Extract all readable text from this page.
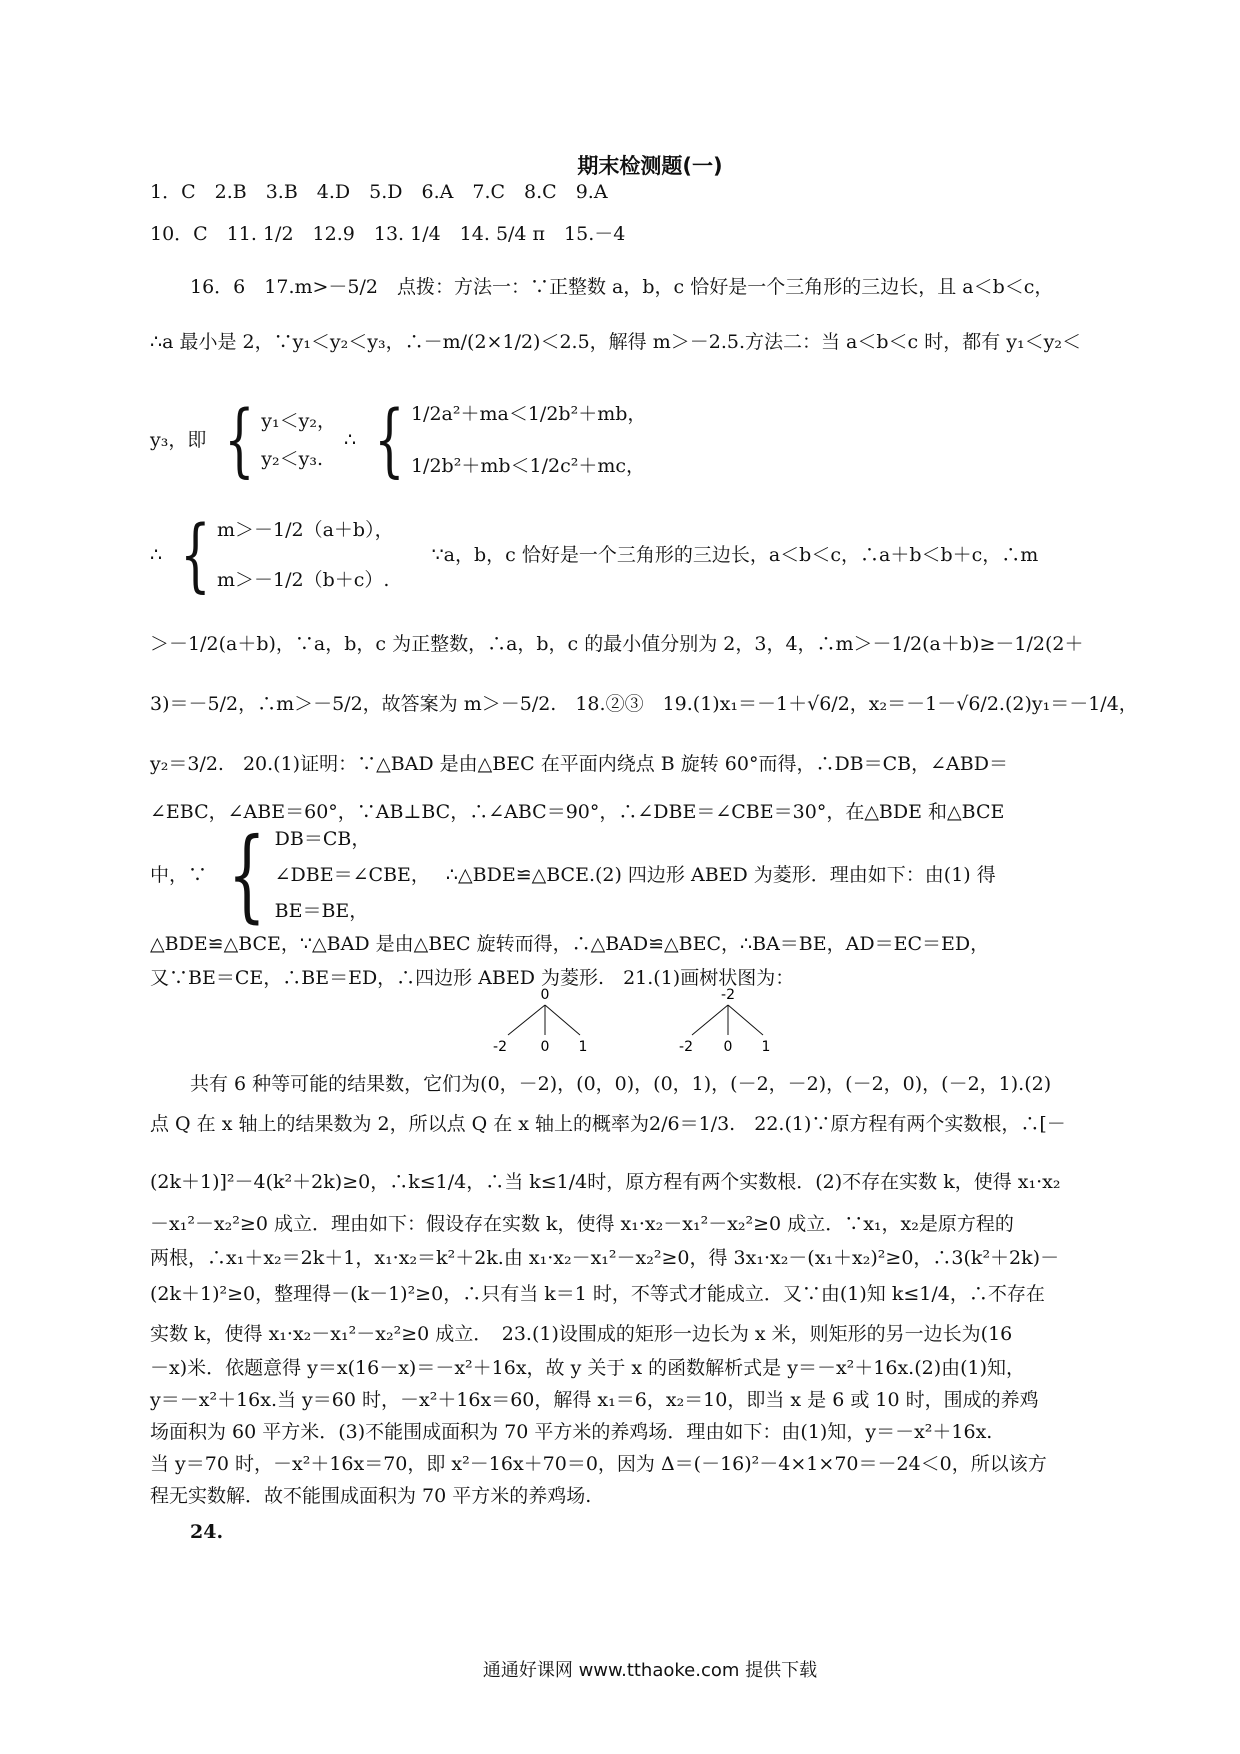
期末检测题(一)
1．C　2.B　3.B　4.D　5.D　6.A　7.C　8.C　9.A
10．C　11. 1/2　12.9　13. 1/4　14. 5/4 π　15.－4
16．6　17.m>－5/2　点拨：方法一：∵正整数 a，b，c 恰好是一个三角形的三边长，且 a＜b＜c，
∴a 最小是 2，∵y₁＜y₂＜y₃，∴－m/(2×1/2)＜2.5，解得 m＞－2.5.方法二：当 a＜b＜c 时，都有 y₁＜y₂＜
y₃，即 { y₁＜y₂，
y₂＜y₃.
∴ { 1/2a²＋ma＜1/2b²＋mb，
1/2b²＋mb＜1/2c²＋mc，
∴ { m＞－1/2（a＋b），
m＞－1/2（b＋c）.
∵a，b，c 恰好是一个三角形的三边长，a＜b＜c，∴a＋b＜b＋c，∴m
＞－1/2(a＋b)，∵a，b，c 为正整数，∴a，b，c 的最小值分别为 2，3，4，∴m＞－1/2(a＋b)≥－1/2(2＋
3)＝－5/2，∴m＞－5/2，故答案为 m＞－5/2.　18.②③　19.(1)x₁＝－1＋√6/2，x₂＝－1－√6/2.(2)y₁＝－1/4，
y₂＝3/2.　20.(1)证明：∵△BAD 是由△BEC 在平面内绕点 B 旋转 60°而得，∴DB＝CB，∠ABD＝
∠EBC，∠ABE＝60°，∵AB⊥BC，∴∠ABC＝90°，∴∠DBE＝∠CBE＝30°，在△BDE 和△BCE
中，∵ { DB＝CB，
∠DBE＝∠CBE，
BE＝BE，
∴△BDE≌△BCE.(2) 四边形 ABED 为菱形．理由如下：由(1) 得
△BDE≌△BCE，∵△BAD 是由△BEC 旋转而得，∴△BAD≌△BEC，∴BA＝BE，AD＝EC＝ED，
又∵BE＝CE，∴BE＝ED，∴四边形 ABED 为菱形.　21.(1)画树状图为：
0
-2 0 1
-2
-2 0 1
共有 6 种等可能的结果数，它们为(0，－2)，(0，0)，(0，1)，(－2，－2)，(－2，0)，(－2，1).(2)
点 Q 在 x 轴上的结果数为 2，所以点 Q 在 x 轴上的概率为2/6＝1/3.　22.(1)∵原方程有两个实数根，∴[－
(2k＋1)]²－4(k²＋2k)≥0，∴k≤1/4，∴当 k≤1/4时，原方程有两个实数根．(2)不存在实数 k，使得 x₁·x₂
－x₁²－x₂²≥0 成立．理由如下：假设存在实数 k，使得 x₁·x₂－x₁²－x₂²≥0 成立．∵x₁，x₂是原方程的
两根，∴x₁＋x₂＝2k＋1，x₁·x₂＝k²＋2k.由 x₁·x₂－x₁²－x₂²≥0，得 3x₁·x₂－(x₁＋x₂)²≥0，∴3(k²＋2k)－
(2k＋1)²≥0，整理得－(k－1)²≥0，∴只有当 k＝1 时，不等式才能成立．又∵由(1)知 k≤1/4，∴不存在
实数 k，使得 x₁·x₂－x₁²－x₂²≥0 成立．　23.(1)设围成的矩形一边长为 x 米，则矩形的另一边长为(16
－x)米．依题意得 y＝x(16－x)＝－x²＋16x，故 y 关于 x 的函数解析式是 y＝－x²＋16x.(2)由(1)知，
y＝－x²＋16x.当 y＝60 时，－x²＋16x＝60，解得 x₁＝6，x₂＝10，即当 x 是 6 或 10 时，围成的养鸡
场面积为 60 平方米．(3)不能围成面积为 70 平方米的养鸡场．理由如下：由(1)知，y＝－x²＋16x.
当 y＝70 时，－x²＋16x＝70，即 x²－16x＋70＝0，因为 Δ＝(－16)²－4×1×70＝－24＜0，所以该方
程无实数解．故不能围成面积为 70 平方米的养鸡场.
24.
通通好课网 www.tthaoke.com 提供下载
